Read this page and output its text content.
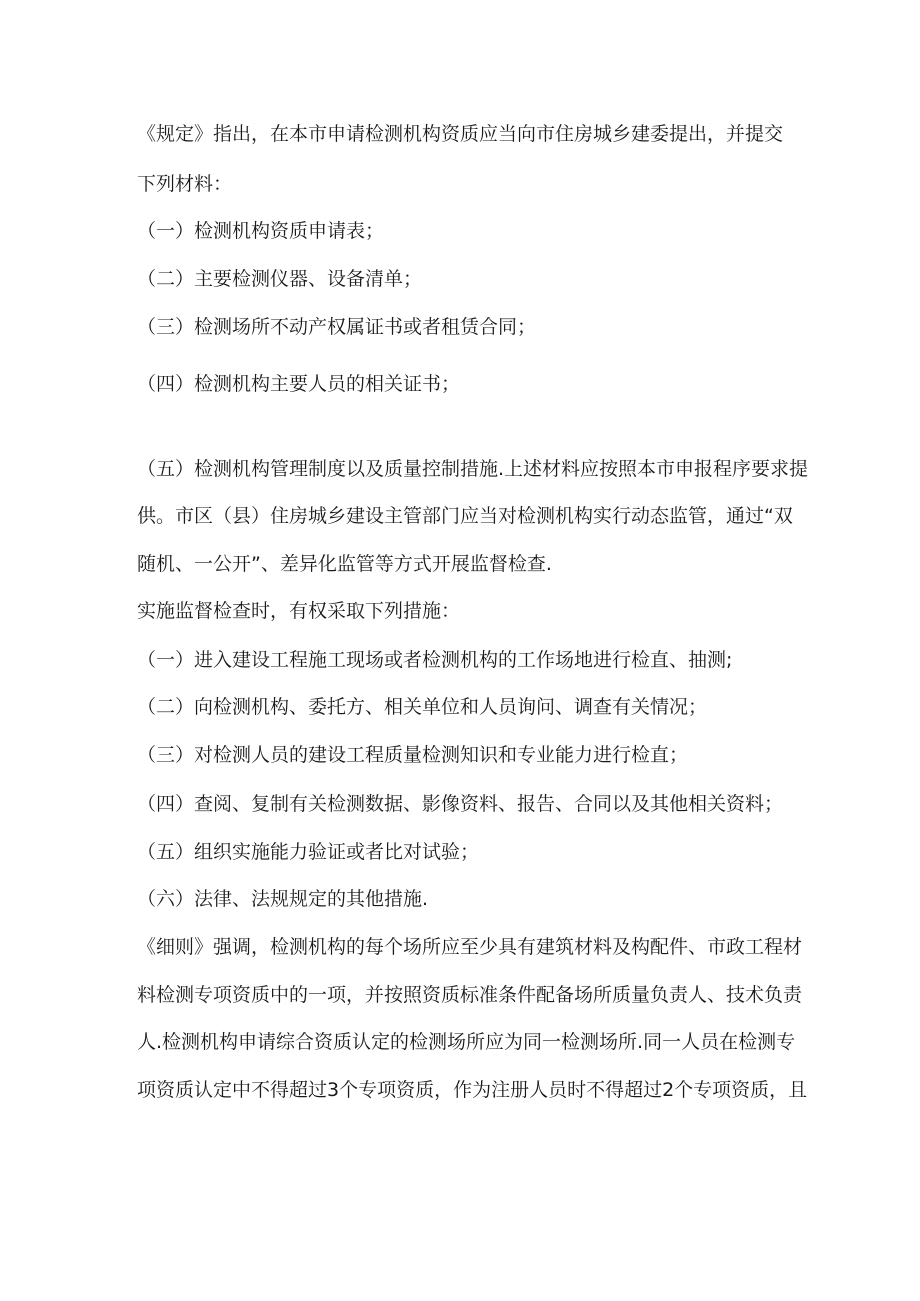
《规定》指出，在本市申请检测机构资质应当向市住房城乡建委提出，并提交
下列材料：
（一）检测机构资质申请表；
（二）主要检测仪器、设备清单；
（三）检测场所不动产权属证书或者租赁合同；
（四）检测机构主要人员的相关证书；
（五）检测机构管理制度以及质量控制措施.上述材料应按照本市申报程序要求提
供。市区（县）住房城乡建设主管部门应当对检测机构实行动态监管，通过“双
随机、一公开”、差异化监管等方式开展监督检查.
实施监督检查时，有权采取下列措施：
（一）进入建设工程施工现场或者检测机构的工作场地进行检直、抽测;
（二）向检测机构、委托方、相关单位和人员询问、调查有关情况；
（三）对检测人员的建设工程质量检测知识和专业能力进行检直；
（四）查阅、复制有关检测数据、影像资料、报告、合同以及其他相关资料；
（五）组织实施能力验证或者比对试验；
（六）法律、法规规定的其他措施.
《细则》强调，检测机构的每个场所应至少具有建筑材料及构配件、市政工程材
料检测专项资质中的一项，并按照资质标准条件配备场所质量负责人、技术负责
人.检测机构申请综合资质认定的检测场所应为同一检测场所.同一人员在检测专
项资质认定中不得超过3个专项资质，作为注册人员时不得超过2个专项资质，且
